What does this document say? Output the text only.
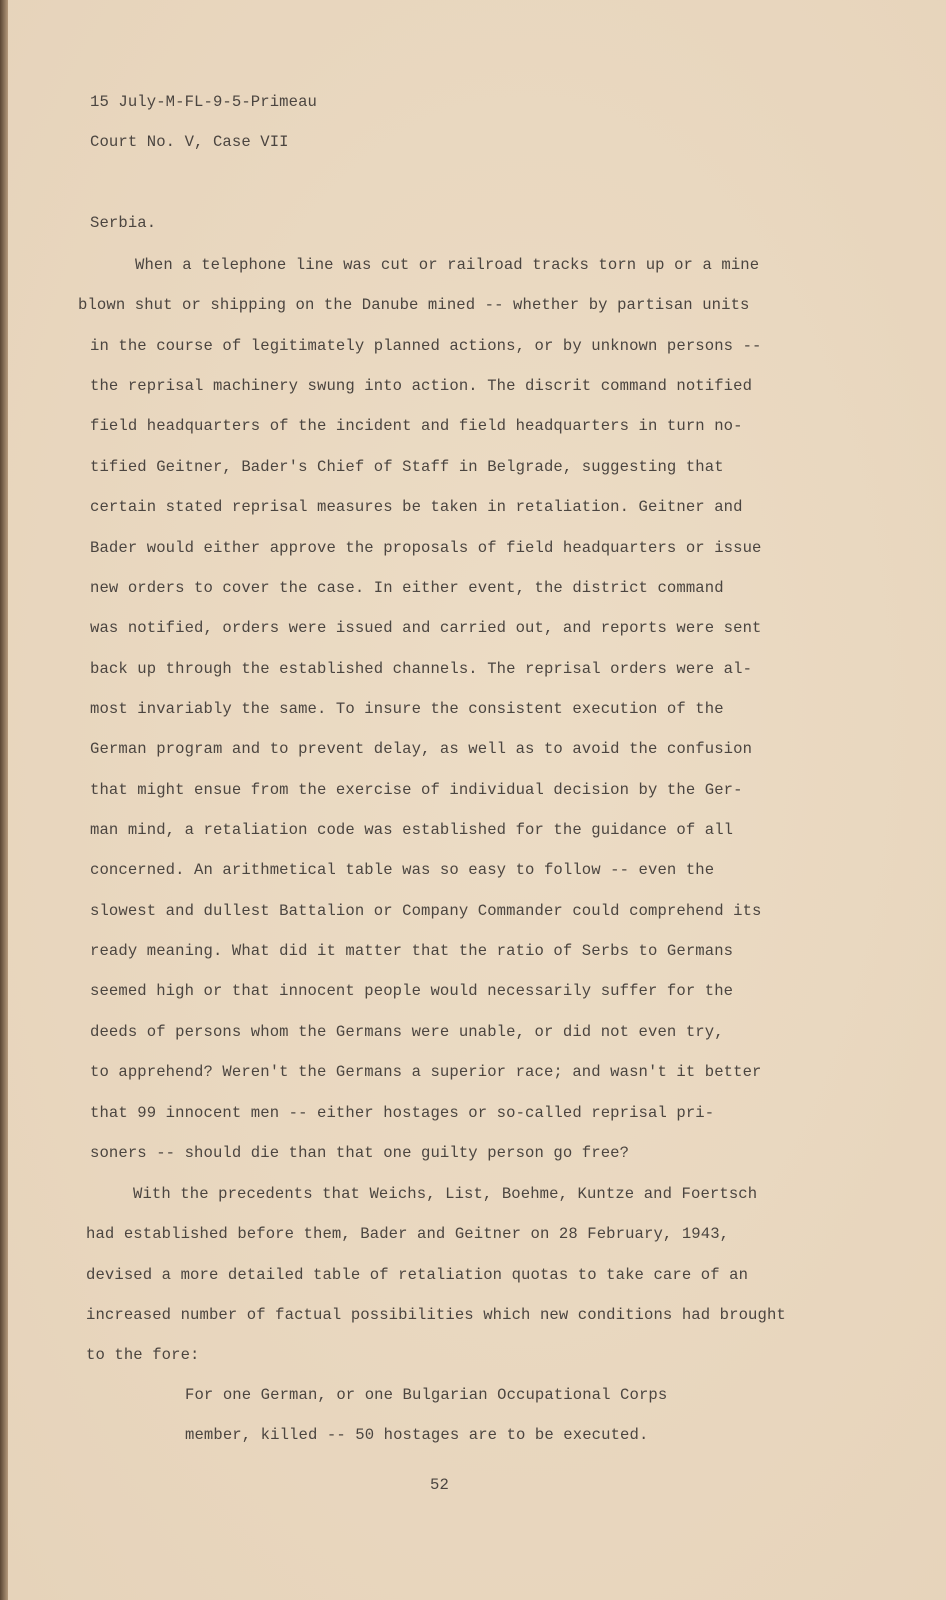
15 July-M-FL-9-5-Primeau
Court No. V, Case VII
Serbia.
When a telephone line was cut or railroad tracks torn up or a mine
blown shut or shipping on the Danube mined -- whether by partisan units
in the course of legitimately planned actions, or by unknown persons --
the reprisal machinery swung into action. The discrit command notified
field headquarters of the incident and field headquarters in turn no-
tified Geitner, Bader's Chief of Staff in Belgrade, suggesting that
certain stated reprisal measures be taken in retaliation. Geitner and
Bader would either approve the proposals of field headquarters or issue
new orders to cover the case. In either event, the district command
was notified, orders were issued and carried out, and reports were sent
back up through the established channels. The reprisal orders were al-
most invariably the same. To insure the consistent execution of the
German program and to prevent delay, as well as to avoid the confusion
that might ensue from the exercise of individual decision by the Ger-
man mind, a retaliation code was established for the guidance of all
concerned. An arithmetical table was so easy to follow -- even the
slowest and dullest Battalion or Company Commander could comprehend its
ready meaning. What did it matter that the ratio of Serbs to Germans
seemed high or that innocent people would necessarily suffer for the
deeds of persons whom the Germans were unable, or did not even try,
to apprehend? Weren't the Germans a superior race; and wasn't it better
that 99 innocent men -- either hostages or so-called reprisal pri-
soners -- should die than that one guilty person go free?
With the precedents that Weichs, List, Boehme, Kuntze and Foertsch
had established before them, Bader and Geitner on 28 February, 1943,
devised a more detailed table of retaliation quotas to take care of an
increased number of factual possibilities which new conditions had brought
to the fore:
For one German, or one Bulgarian Occupational Corps
member, killed -- 50 hostages are to be executed.
52
